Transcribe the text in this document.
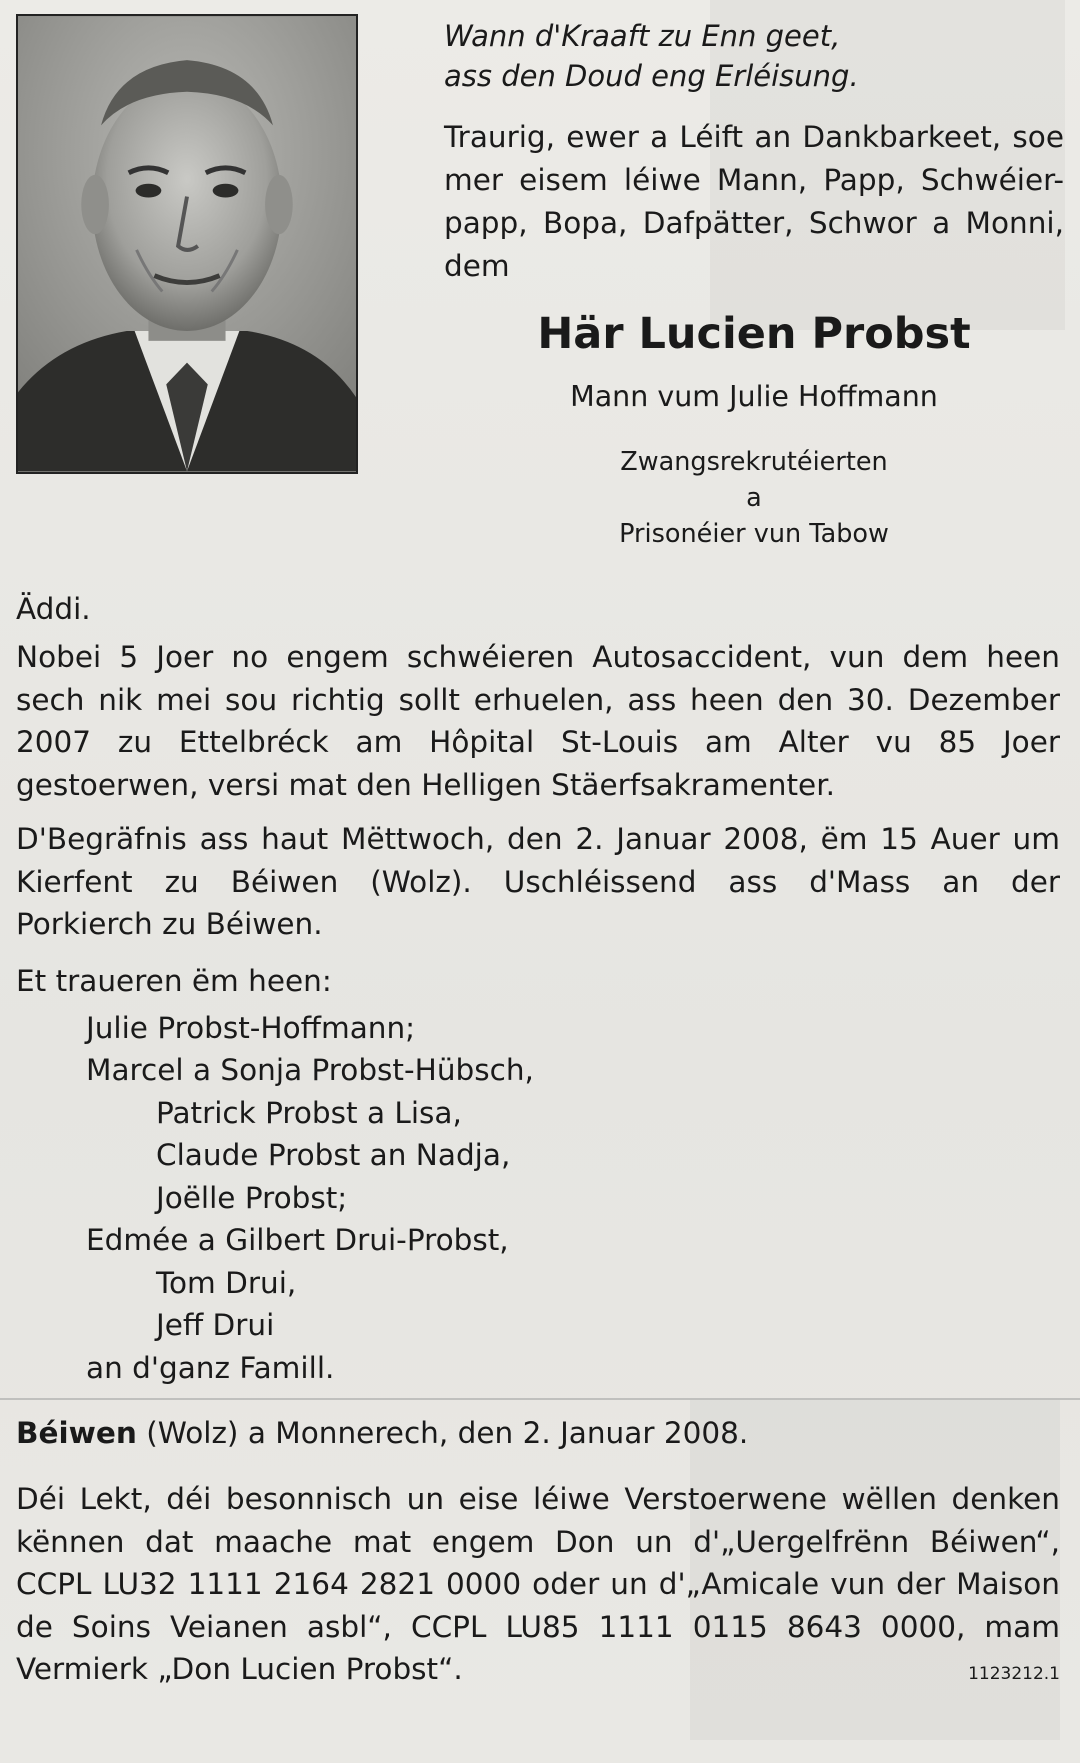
Wann d'Kraaft zu Enn geet,
ass den Doud eng Erléisung.
Traurig, ewer a Léift an Dankbarkeet, soe
mer eisem léiwe Mann, Papp, Schwéier-
papp, Bopa, Dafpätter, Schwor a Monni,
dem
Här Lucien Probst
Mann vum Julie Hoffmann
Zwangsrekrutéierten
a
Prisonéier vun Tabow
Äddi.
Nobei 5 Joer no engem schwéieren Autosaccident, vun dem heen
sech nik mei sou richtig sollt erhuelen, ass heen den 30. Dezember
2007 zu Ettelbréck am Hôpital St-Louis am Alter vu 85 Joer
gestoerwen, versi mat den Helligen Stäerfsakramenter.
D'Begräfnis ass haut Mëttwoch, den 2. Januar 2008, ëm 15 Auer um
Kierfent zu Béiwen (Wolz). Uschléissend ass d'Mass an der
Porkierch zu Béiwen.
Et traueren ëm heen:
Julie Probst-Hoffmann;
Marcel a Sonja Probst-Hübsch,
Patrick Probst a Lisa,
Claude Probst an Nadja,
Joëlle Probst;
Edmée a Gilbert Drui-Probst,
Tom Drui,
Jeff Drui
an d'ganz Famill.
Béiwen (Wolz) a Monnerech, den 2. Januar 2008.
Déi Lekt, déi besonnisch un eise léiwe Verstoerwene wëllen denken
kënnen dat maache mat engem Don un d'„Uergelfrënn Béiwen“,
CCPL LU32 1111 2164 2821 0000 oder un d'„Amicale vun der Maison
de Soins Veianen asbl“, CCPL LU85 1111 0115 8643 0000, mam
Vermierk „Don Lucien Probst“.	1123212.1
